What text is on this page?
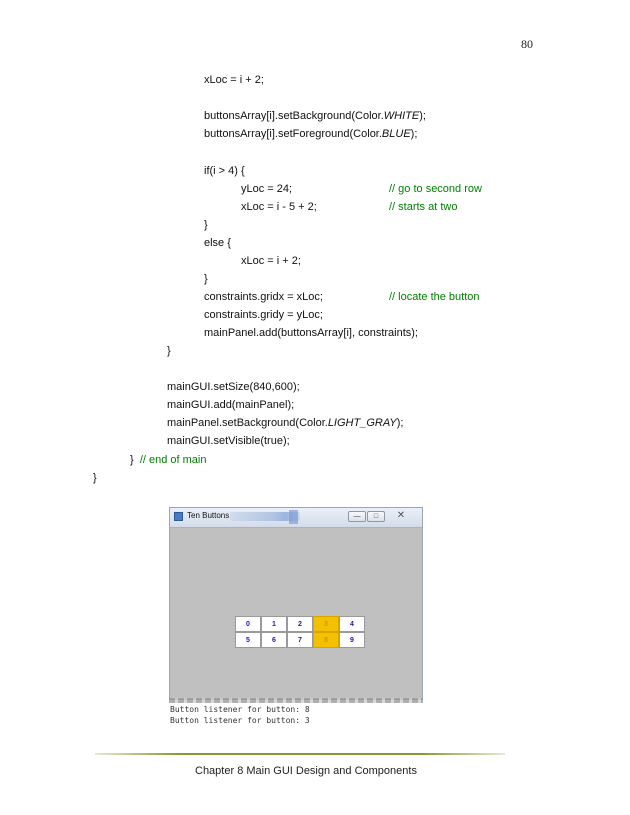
80
xLoc = i + 2;
buttonsArray[i].setBackground(Color.WHITE);
buttonsArray[i].setForeground(Color.BLUE);
if(i > 4) {
yLoc = 24;	// go to second row
xLoc = i - 5 + 2;	// starts at two
}
else {
xLoc = i + 2;
}
constraints.gridx = xLoc;	// locate the button
constraints.gridy = yLoc;
mainPanel.add(buttonsArray[i], constraints);
}
mainGUI.setSize(840,600);
mainGUI.add(mainPanel);
mainPanel.setBackground(Color.LIGHT_GRAY);
mainGUI.setVisible(true);
} // end of main
}
Ten Buttons	—	□	✕
0	1	2	3	4
5	6	7	8	9
Button listener for button: 8
Button listener for button: 3
Chapter 8 Main GUI Design and Components
